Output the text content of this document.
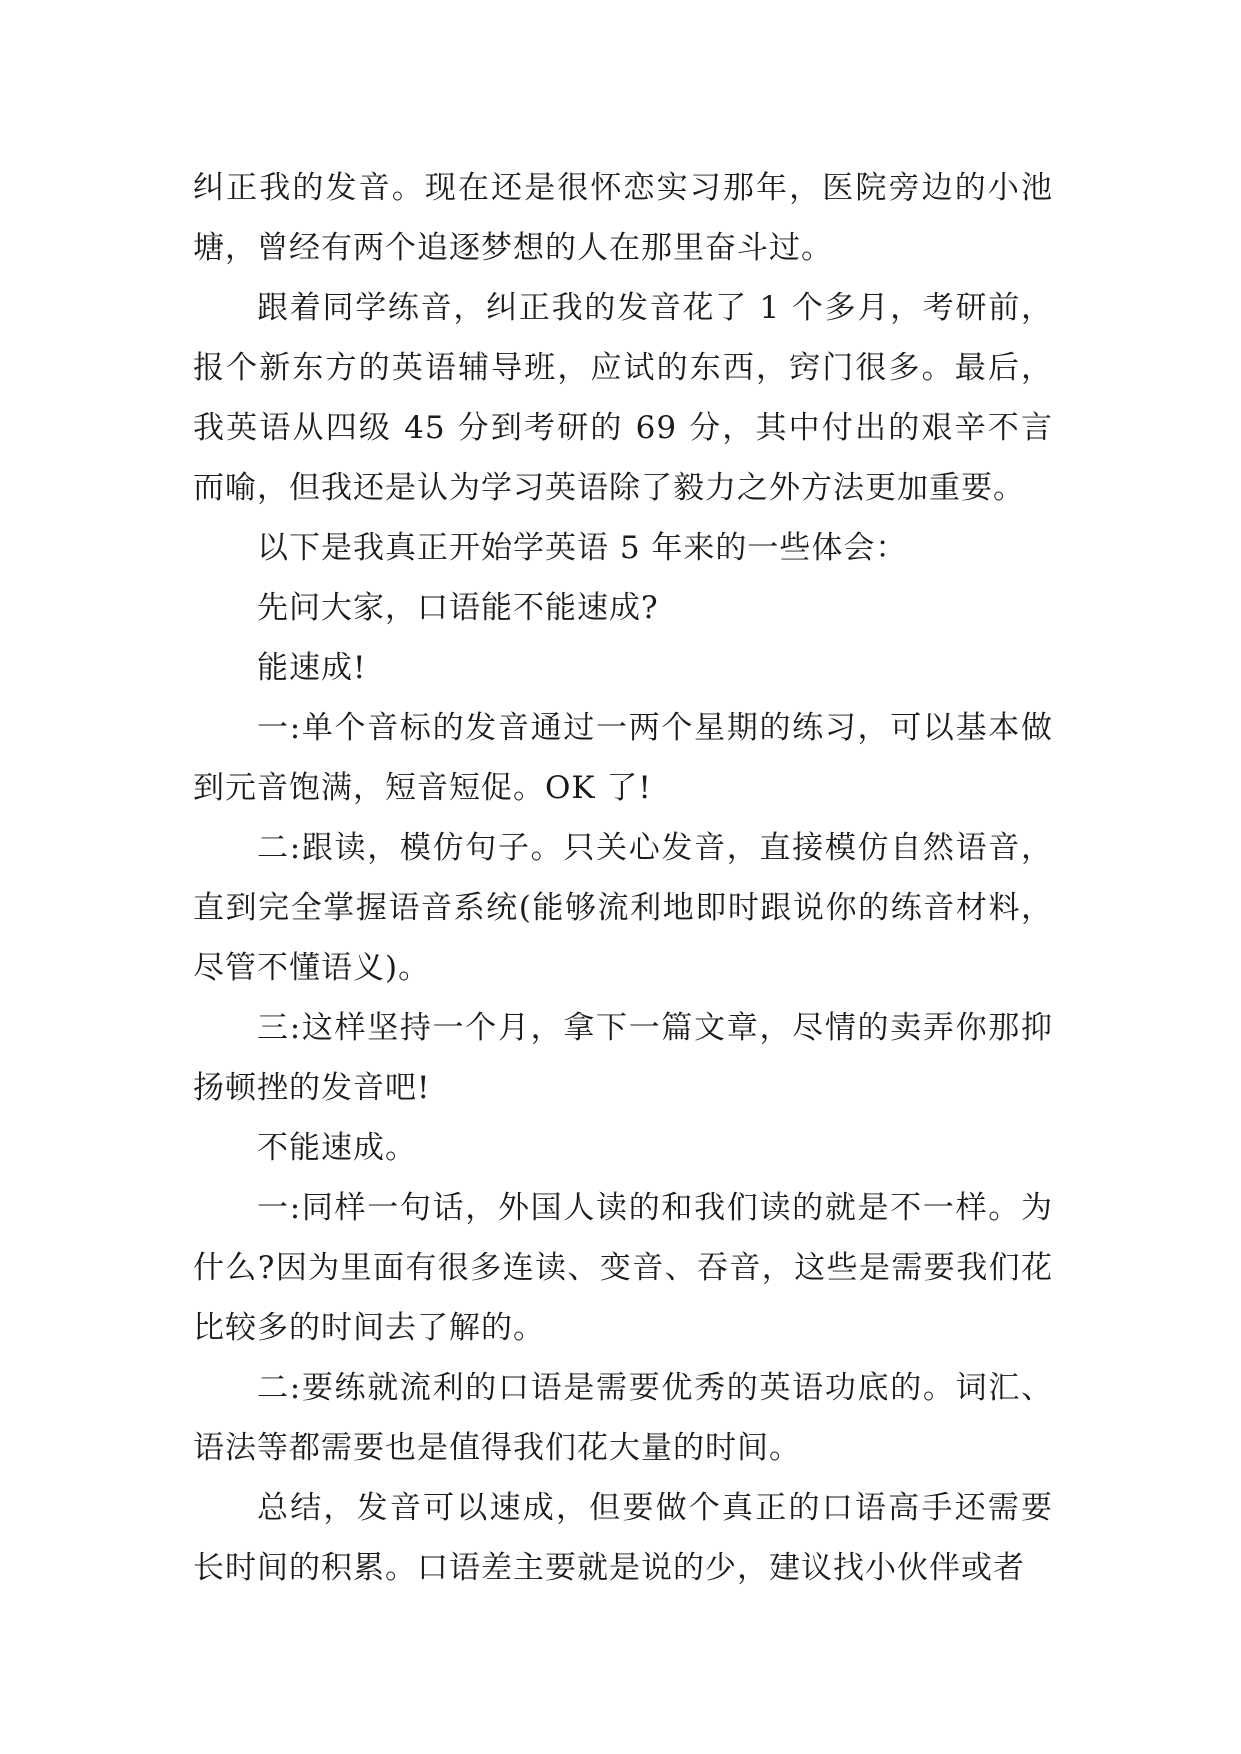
纠正我的发音。现在还是很怀恋实习那年，医院旁边的小池塘，曾经有两个追逐梦想的人在那里奋斗过。

跟着同学练音，纠正我的发音花了 1 个多月，考研前，报个新东方的英语辅导班，应试的东西，窍门很多。最后，我英语从四级 45 分到考研的 69 分，其中付出的艰辛不言而喻，但我还是认为学习英语除了毅力之外方法更加重要。

以下是我真正开始学英语 5 年来的一些体会：

先问大家，口语能不能速成?

能速成!

一:单个音标的发音通过一两个星期的练习，可以基本做到元音饱满，短音短促。OK 了!

二:跟读，模仿句子。只关心发音，直接模仿自然语音，直到完全掌握语音系统(能够流利地即时跟说你的练音材料，尽管不懂语义)。

三:这样坚持一个月，拿下一篇文章，尽情的卖弄你那抑扬顿挫的发音吧!

不能速成。

一:同样一句话，外国人读的和我们读的就是不一样。为什么?因为里面有很多连读、变音、吞音，这些是需要我们花比较多的时间去了解的。

二:要练就流利的口语是需要优秀的英语功底的。词汇、语法等都需要也是值得我们花大量的时间。

总结，发音可以速成，但要做个真正的口语高手还需要长时间的积累。口语差主要就是说的少，建议找小伙伴或者
